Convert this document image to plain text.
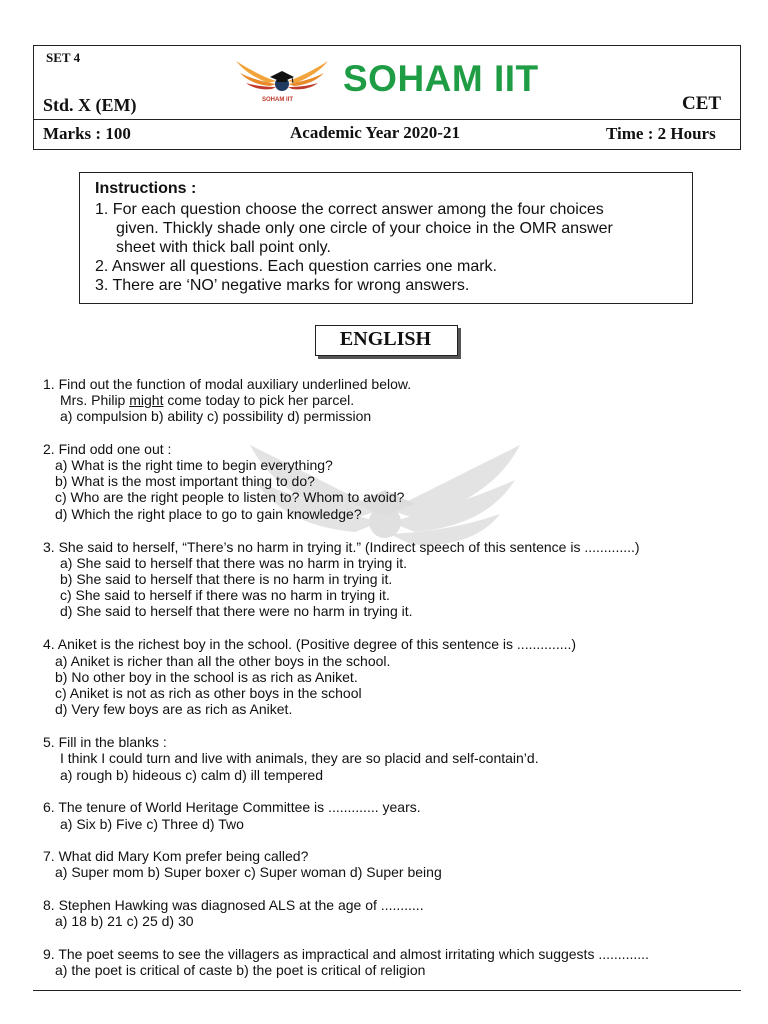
SET 4
Std. X (EM)	CET
Marks : 100	Academic Year 2020-21	Time : 2 Hours
SOHAM IIT
SOHAM IIT
Instructions :
1. For each question choose the correct answer among the four choices
given. Thickly shade only one circle of your choice in the OMR answer
sheet with thick ball point only.
2. Answer all questions. Each question carries one mark.
3. There are ‘NO’ negative marks for wrong answers.
ENGLISH
1. Find out the function of modal auxiliary underlined below.
Mrs. Philip might come today to pick her parcel.
a) compulsion b) ability c) possibility d) permission
2. Find odd one out :
a) What is the right time to begin everything?
b) What is the most important thing to do?
c) Who are the right people to listen to? Whom to avoid?
d) Which the right place to go to gain knowledge?
3. She said to herself, “There’s no harm in trying it.” (Indirect speech of this sentence is .............)
a) She said to herself that there was no harm in trying it.
b) She said to herself that there is no harm in trying it.
c) She said to herself if there was no harm in trying it.
d) She said to herself that there were no harm in trying it.
4. Aniket is the richest boy in the school. (Positive degree of this sentence is ..............)
a) Aniket is richer than all the other boys in the school.
b) No other boy in the school is as rich as Aniket.
c) Aniket is not as rich as other boys in the school
d) Very few boys are as rich as Aniket.
5. Fill in the blanks :
I think I could turn and live with animals, they are so placid and self-contain’d.
a) rough b) hideous c) calm d) ill tempered
6. The tenure of World Heritage Committee is ............. years.
a) Six b) Five c) Three d) Two
7. What did Mary Kom prefer being called?
a) Super mom b) Super boxer c) Super woman d) Super being
8. Stephen Hawking was diagnosed ALS at the age of ...........
a) 18 b) 21 c) 25 d) 30
9. The poet seems to see the villagers as impractical and almost irritating which suggests .............
a) the poet is critical of caste b) the poet is critical of religion
